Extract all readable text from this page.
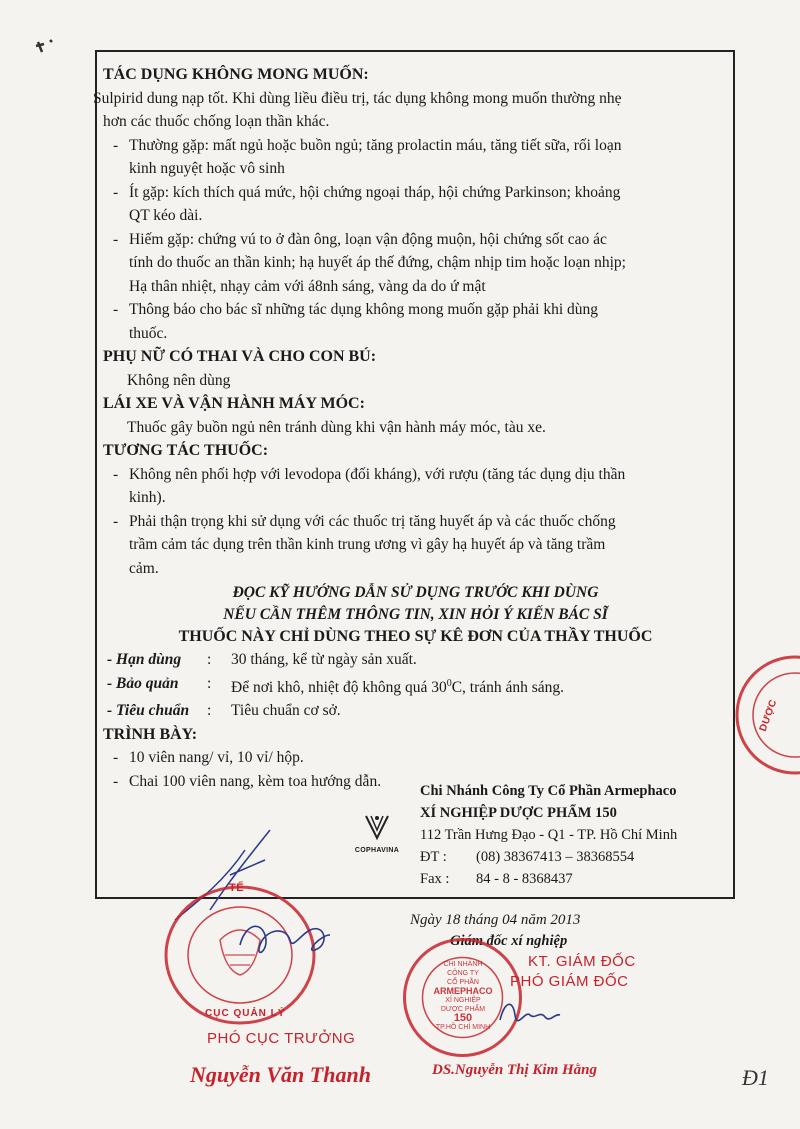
TÁC DỤNG KHÔNG MONG MUỐN:

Sulpirid dung nạp tốt. Khi dùng liều điều trị, tác dụng không mong muốn thường nhẹ

hơn các thuốc chống loạn thần khác.

- Thường gặp: mất ngủ hoặc buồn ngủ; tăng prolactin máu, tăng tiết sữa, rối loạn
kinh nguyệt hoặc vô sinh
- Ít gặp: kích thích quá mức, hội chứng ngoại tháp, hội chứng Parkinson; khoảng
QT kéo dài.
- Hiếm gặp: chứng vú to ở đàn ông, loạn vận động muộn, hội chứng sốt cao ác
tính do thuốc an thần kinh; hạ huyết áp thế đứng, chậm nhịp tim hoặc loạn nhịp;
Hạ thân nhiệt, nhạy cảm với á8nh sáng, vàng da do ứ mật
- Thông báo cho bác sĩ những tác dụng không mong muốn gặp phải khi dùng
thuốc.

PHỤ NỮ CÓ THAI VÀ CHO CON BÚ:

Không nên dùng

LÁI XE VÀ VẬN HÀNH MÁY MÓC:

Thuốc gây buồn ngủ nên tránh dùng khi vận hành máy móc, tàu xe.

TƯƠNG TÁC THUỐC:

- Không nên phối hợp với levodopa (đối kháng), với rượu (tăng tác dụng dịu thần
kinh).
- Phải thận trọng khi sử dụng với các thuốc trị tăng huyết áp và các thuốc chống
trầm cảm tác dụng trên thần kinh trung ương vì gây hạ huyết áp và tăng trầm
cảm.

ĐỌC KỸ HƯỚNG DẪN SỬ DỤNG TRƯỚC KHI DÙNG

NẾU CẦN THÊM THÔNG TIN, XIN HỎI Ý KIẾN BÁC SĨ

THUỐC NÀY CHỈ DÙNG THEO SỰ KÊ ĐƠN CỦA THẦY THUỐC

- Hạn dùng	:	30 tháng, kể từ ngày sản xuất.
- Bảo quản	:	Để nơi khô, nhiệt độ không quá $30^0C$, tránh ánh sáng.
- Tiêu chuẩn	:	Tiêu chuẩn cơ sở.

TRÌNH BÀY:

- 10 viên nang/ vỉ, 10 vỉ/ hộp.
- Chai 100 viên nang, kèm toa hướng dẫn.
COPHAVINA
Chi Nhánh Công Ty Cổ Phần Armephaco
XÍ NGHIỆP DƯỢC PHẨM 150
112 Trần Hưng Đạo - Q1 - TP. Hồ Chí Minh
ĐT : (08) 38367413 – 38368554
Fax : 84 - 8 - 8368437
TẾ
CỤC QUẢN LÝ
PHÓ CỤC TRƯỞNG
Nguyễn Văn Thanh
Ngày 18 tháng 04 năm 2013
Giám đốc xí nghiệp
KT. GIÁM ĐỐC
PHÓ GIÁM ĐỐC
CHI NHÁNH
CÔNG TY
CỔ PHẦN
ARMEPHACO
XÍ NGHIỆP
DƯỢC PHẨM
150
TP.HỒ CHÍ MINH
DS.Nguyễn Thị Kim Hằng
DƯỢC
Đ1
